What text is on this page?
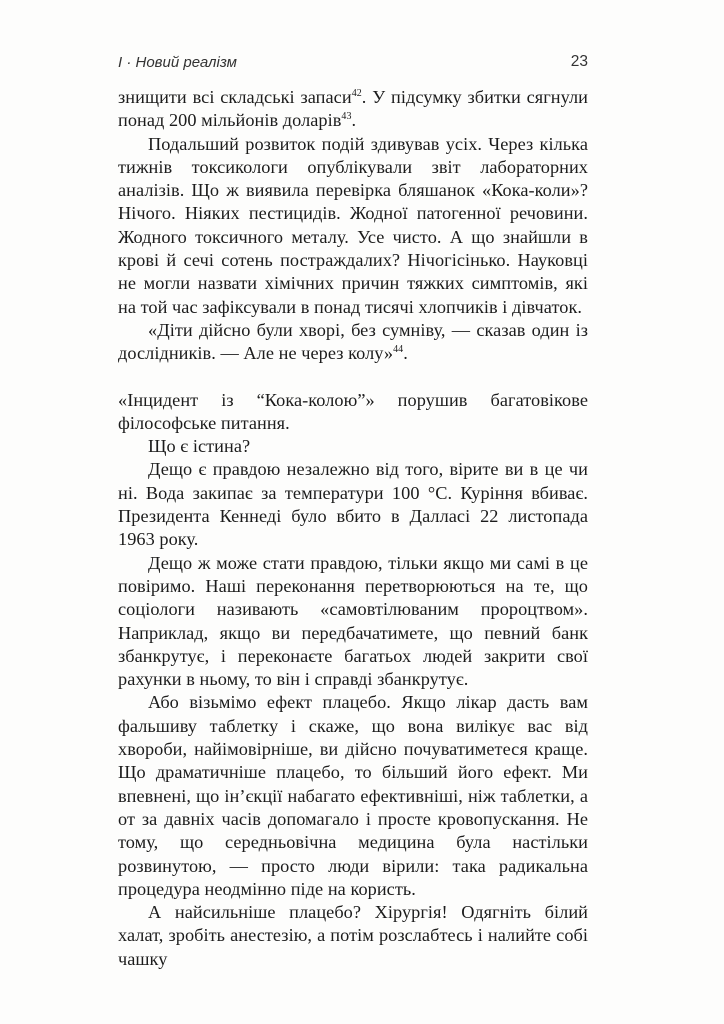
I · Новий реалізм	23

знищити всі складські запаси$^{42}$. У підсумку збитки сягнули понад 200 мільйонів доларів$^{43}$.

Подальший розвиток подій здивував усіх. Через кілька тижнів токсикологи опублікували звіт лабораторних аналізів. Що ж виявила перевірка бляшанок «Кока-коли»? Нічого. Ніяких пестицидів. Жодної патогенної речовини. Жодного токсичного металу. Усе чисто. А що знайшли в крові й сечі сотень постраждалих? Нічогісінько. Науковці не могли назвати хімічних причин тяжких симптомів, які на той час зафіксували в понад тисячі хлопчиків і дівчаток.

«Діти дійсно були хворі, без сумніву, — сказав один із дослідників. — Але не через колу»$^{44}$.

«Інцидент із “Кока-колою”» порушив багатовікове філософське питання.

Що є істина?

Дещо є правдою незалежно від того, вірите ви в це чи ні. Вода закипає за температури 100 °C. Куріння вбиває. Президента Кеннеді було вбито в Далласі 22 листопада 1963 року.

Дещо ж може стати правдою, тільки якщо ми самі в це повіримо. Наші переконання перетворюються на те, що соціологи називають «самовтілюваним пророцтвом». Наприклад, якщо ви передбачатимете, що певний банк збанкрутує, і переконаєте багатьох людей закрити свої рахунки в ньому, то він і справді збанкрутує.

Або візьмімо ефект плацебо. Якщо лікар дасть вам фальшиву таблетку і скаже, що вона вилікує вас від хвороби, найімовірніше, ви дійсно почуватиметеся краще. Що драматичніше плацебо, то більший його ефект. Ми впевнені, що ін’єкції набагато ефективніші, ніж таблетки, а от за давніх часів допомагало і просте кровопускання. Не тому, що середньовічна медицина була настільки розвинутою, — просто люди вірили: така радикальна процедура неодмінно піде на користь.

А найсильніше плацебо? Хірургія! Одягніть білий халат, зробіть анестезію, а потім розслабтесь і налийте собі чашку
